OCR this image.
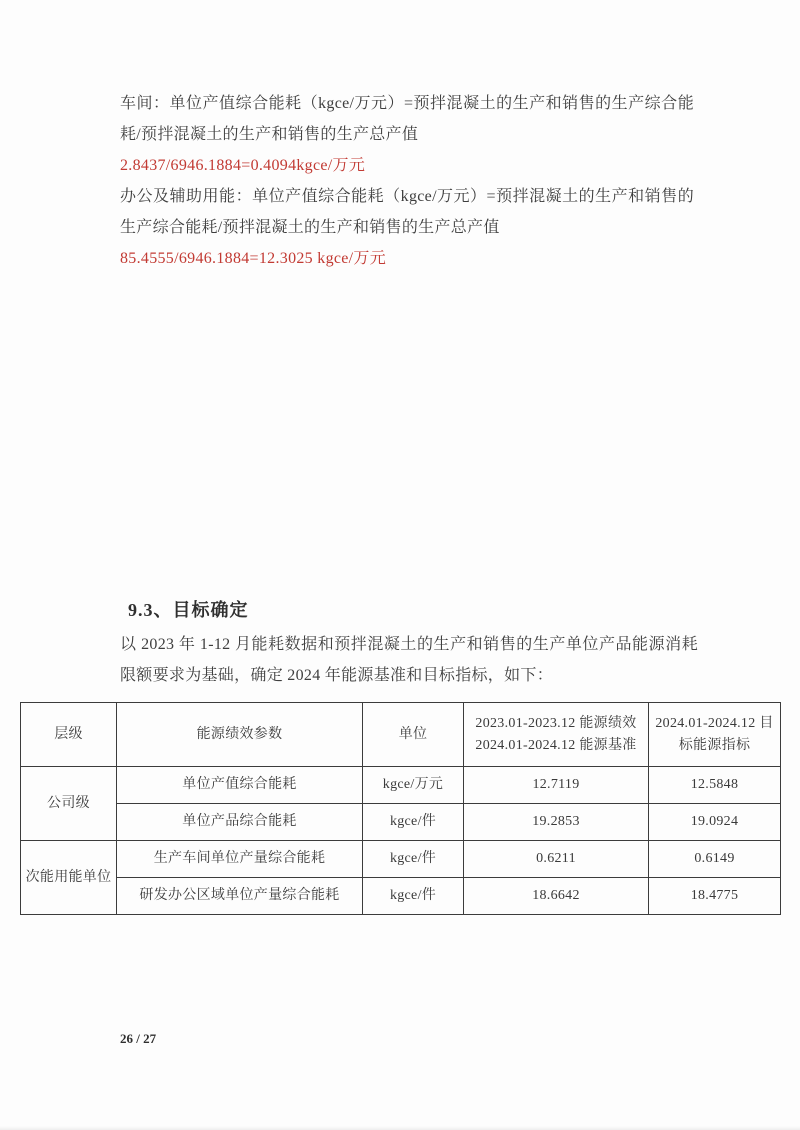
车间：单位产值综合能耗（kgce/万元）=预拌混凝土的生产和销售的生产综合能耗/预拌混凝土的生产和销售的生产总产值

2.8437/6946.1884=0.4094kgce/万元

办公及辅助用能：单位产值综合能耗（kgce/万元）=预拌混凝土的生产和销售的生产综合能耗/预拌混凝土的生产和销售的生产总产值

85.4555/6946.1884=12.3025 kgce/万元

9.3、目标确定

以 2023 年 1-12 月能耗数据和预拌混凝土的生产和销售的生产单位产品能源消耗限额要求为基础，确定 2024 年能源基准和目标指标，如下：

层级	能源绩效参数	单位	2023.01-2023.12 能源绩效
2024.01-2024.12 能源基准	2024.01-2024.12 目标能源指标
公司级	单位产值综合能耗	kgce/万元	12.7119	12.5848
	单位产品综合能耗	kgce/件	19.2853	19.0924
次能用能单位	生产车间单位产量综合能耗	kgce/件	0.6211	0.6149
	研发办公区域单位产量综合能耗	kgce/件	18.6642	18.4775
26 / 27
